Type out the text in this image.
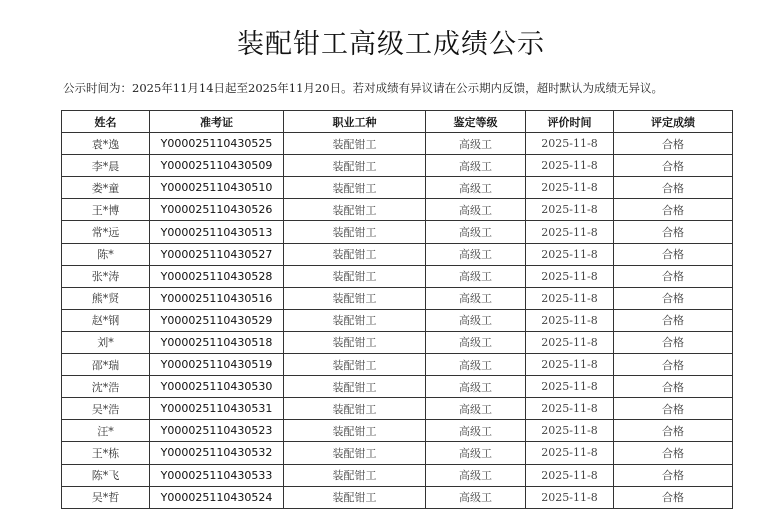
装配钳工高级工成绩公示
公示时间为：2025年11月14日起至2025年11月20日。若对成绩有异议请在公示期内反馈，超时默认为成绩无异议。
姓名	准考证	职业工种	鉴定等级	评价时间	评定成绩
袁*逸	Y000025110430525	装配钳工	高级工	2025-11-8	合格
李*晨	Y000025110430509	装配钳工	高级工	2025-11-8	合格
娄*童	Y000025110430510	装配钳工	高级工	2025-11-8	合格
王*博	Y000025110430526	装配钳工	高级工	2025-11-8	合格
常*远	Y000025110430513	装配钳工	高级工	2025-11-8	合格
陈*	Y000025110430527	装配钳工	高级工	2025-11-8	合格
张*涛	Y000025110430528	装配钳工	高级工	2025-11-8	合格
熊*贤	Y000025110430516	装配钳工	高级工	2025-11-8	合格
赵*钢	Y000025110430529	装配钳工	高级工	2025-11-8	合格
刘*	Y000025110430518	装配钳工	高级工	2025-11-8	合格
邵*瑞	Y000025110430519	装配钳工	高级工	2025-11-8	合格
沈*浩	Y000025110430530	装配钳工	高级工	2025-11-8	合格
吴*浩	Y000025110430531	装配钳工	高级工	2025-11-8	合格
汪*	Y000025110430523	装配钳工	高级工	2025-11-8	合格
王*栋	Y000025110430532	装配钳工	高级工	2025-11-8	合格
陈*飞	Y000025110430533	装配钳工	高级工	2025-11-8	合格
吴*哲	Y000025110430524	装配钳工	高级工	2025-11-8	合格
